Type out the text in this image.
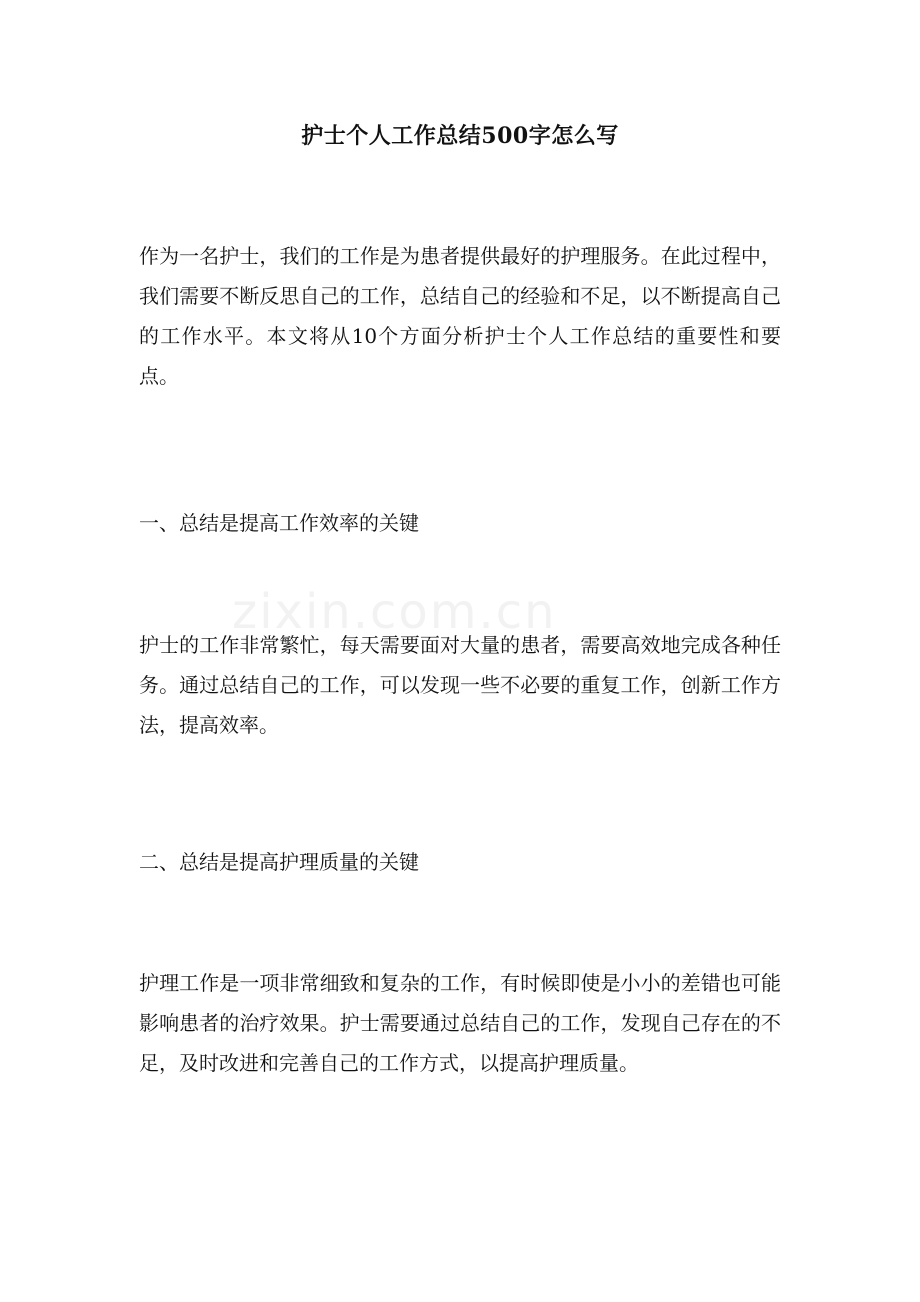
zixin.com.cn
护士个人工作总结500字怎么写

作为一名护士，我们的工作是为患者提供最好的护理服务。在此过程中，我们需要不断反思自己的工作，总结自己的经验和不足，以不断提高自己的工作水平。本文将从10个方面分析护士个人工作总结的重要性和要点。

一、总结是提高工作效率的关键

护士的工作非常繁忙，每天需要面对大量的患者，需要高效地完成各种任务。通过总结自己的工作，可以发现一些不必要的重复工作，创新工作方法，提高效率。

二、总结是提高护理质量的关键

护理工作是一项非常细致和复杂的工作，有时候即使是小小的差错也可能影响患者的治疗效果。护士需要通过总结自己的工作，发现自己存在的不足，及时改进和完善自己的工作方式，以提高护理质量。
